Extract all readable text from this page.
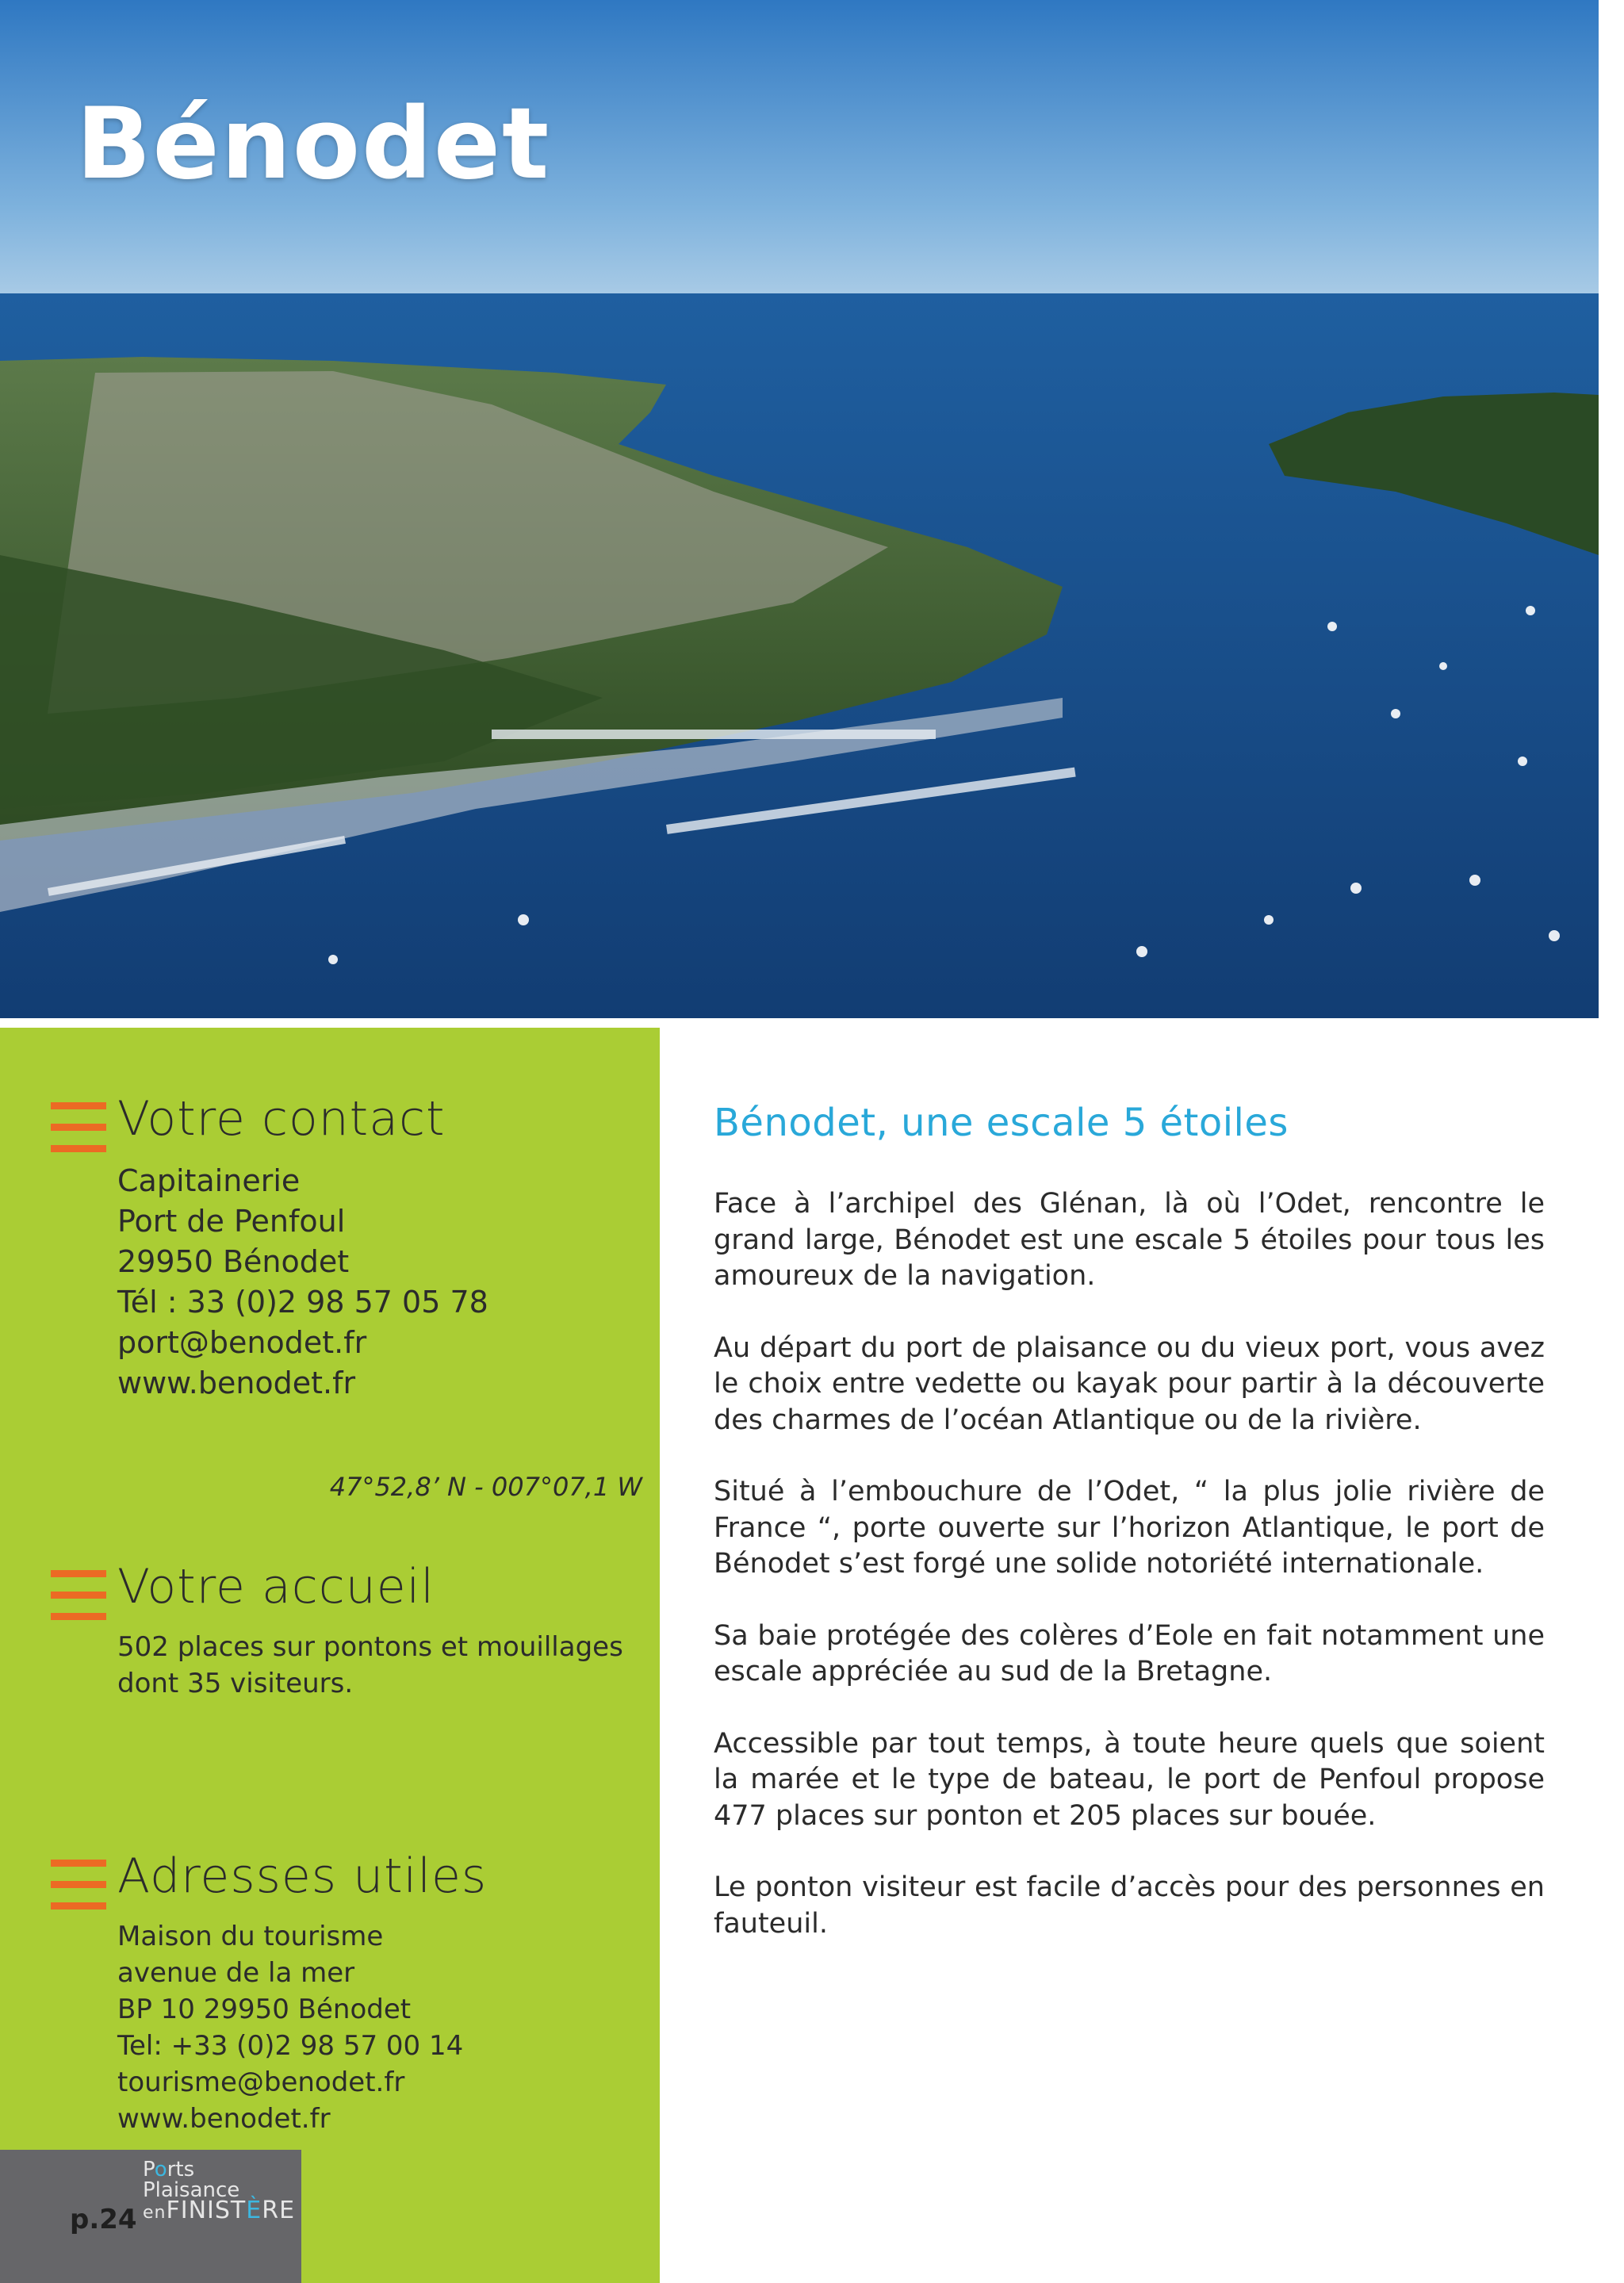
Bénodet
Votre contact
Capitainerie
Port de Penfoul
29950 Bénodet
Tél : 33 (0)2 98 57 05 78
port@benodet.fr
www.benodet.fr
47°52,8’ N - 007°07,1 W
Votre accueil
502 places sur pontons et mouillages
dont 35 visiteurs.
Adresses utiles
Maison du tourisme
avenue de la mer
BP 10 29950 Bénodet
Tel: +33 (0)2 98 57 00 14
tourisme@benodet.fr
www.benodet.fr
p.24
Ports
Plaisance
enFINISTÈRE
Bénodet, une escale 5 étoiles

Face à l’archipel des Glénan, là où l’Odet, rencontre le grand large, Bénodet est une escale 5 étoiles pour tous les amoureux de la navigation.

Au départ du port de plaisance ou du vieux port, vous avez le choix entre vedette ou kayak pour partir à la découverte des charmes de l’océan Atlantique ou de la rivière.

Situé à l’embouchure de l’Odet, “ la plus jolie rivière de France “, porte ouverte sur l’horizon Atlantique, le port de Bénodet s’est forgé une solide notoriété internationale.

Sa baie protégée des colères d’Eole en fait notamment une escale appréciée au sud de la Bretagne.

Accessible par tout temps, à toute heure quels que soient la marée et le type de bateau, le port de Penfoul propose 477 places sur ponton et 205 places sur bouée.

Le ponton visiteur est facile d’accès pour des personnes en fauteuil.
